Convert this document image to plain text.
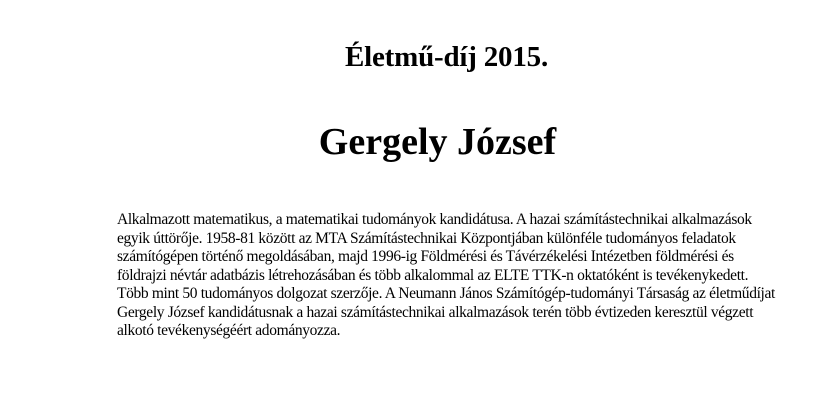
Életmű-díj 2015.
Gergely József

Alkalmazott matematikus, a matematikai tudományok kandidátusa. A hazai számítástechnikai alkalmazások egyik úttörője. 1958-81 között az MTA Számítástechnikai Központjában különféle tudományos feladatok számítógépen történő megoldásában, majd 1996-ig Földmérési és Távérzékelési Intézetben földmérési és földrajzi névtár adatbázis létrehozásában és több alkalommal az ELTE TTK-n oktatóként is tevékenykedett. Több mint 50 tudományos dolgozat szerzője. A Neumann János Számítógép-tudományi Társaság az életműdíjat Gergely József kandidátusnak a hazai számítástechnikai alkalmazások terén több évtizeden keresztül végzett alkotó tevékenységéért adományozza.
